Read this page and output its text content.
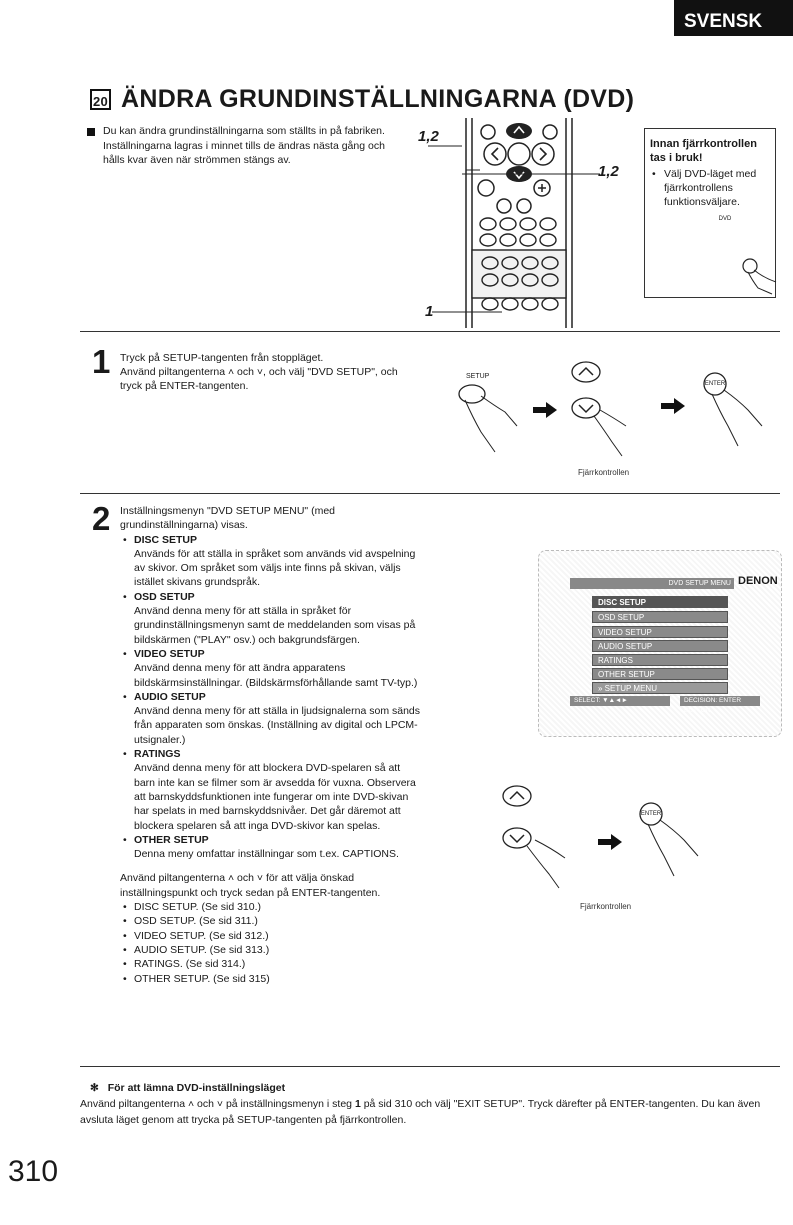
SVENSK
20 ÄNDRA GRUNDINSTÄLLNINGARNA (DVD)
Du kan ändra grundinställningarna som ställts in på fabriken.
Inställningarna lagras i minnet tills de ändras nästa gång och hålls kvar även när strömmen stängs av.
1,2
1,2
1
Innan fjärrkontrollen tas i bruk!
• Välj DVD-läget med fjärrkontrollens funktionsväljare.
DVD
1 Tryck på SETUP-tangenten från stoppläget.
Använd piltangenterna ˄ och ˅, och välj "DVD SETUP", och tryck på ENTER-tangenten.
SETUP
ENTER
Fjärrkontrollen
2 Inställningsmenyn "DVD SETUP MENU" (med grundinställningarna) visas.
• DISC SETUP
Används för att ställa in språket som används vid avspelning av skivor. Om språket som väljs inte finns på skivan, väljs istället skivans grundspråk.
• OSD SETUP
Använd denna meny för att ställa in språket för grundinställningsmenyn samt de meddelanden som visas på bildskärmen ("PLAY" osv.) och bakgrundsfärgen.
• VIDEO SETUP
Använd denna meny för att ändra apparatens bildskärmsinställningar. (Bildskärmsförhållande samt TV-typ.)
• AUDIO SETUP
Använd denna meny för att ställa in ljudsignalerna som sänds från apparaten som önskas. (Inställning av digital och LPCM-utsignaler.)
• RATINGS
Använd denna meny för att blockera DVD-spelaren så att barn inte kan se filmer som är avsedda för vuxna. Observera att barnskyddsfunktionen inte fungerar om inte DVD-skivan har spelats in med barnskyddsnivåer. Det går däremot att blockera spelaren så att inga DVD-skivor kan spelas.
• OTHER SETUP
Denna meny omfattar inställningar som t.ex. CAPTIONS.
Använd piltangenterna ˄ och ˅ för att välja önskad inställningspunkt och tryck sedan på ENTER-tangenten.
• DISC SETUP. (Se sid 310.)
• OSD SETUP. (Se sid 311.)
• VIDEO SETUP. (Se sid 312.)
• AUDIO SETUP. (Se sid 313.)
• RATINGS. (Se sid 314.)
• OTHER SETUP. (Se sid 315)
DVD SETUP MENU DENON
DISC SETUP
OSD SETUP
VIDEO SETUP
AUDIO SETUP
RATINGS
OTHER SETUP
» SETUP MENU
SELECT: ▼▲◄►	DECISION: ENTER BUTTON
ENTER
Fjärrkontrollen
✻ För att lämna DVD-inställningsläget
Använd piltangenterna ˄ och ˅ på inställningsmenyn i steg 1 på sid 310 och välj "EXIT SETUP". Tryck därefter på ENTER-tangenten. Du kan även avsluta läget genom att trycka på SETUP-tangenten på fjärrkontrollen.
310
